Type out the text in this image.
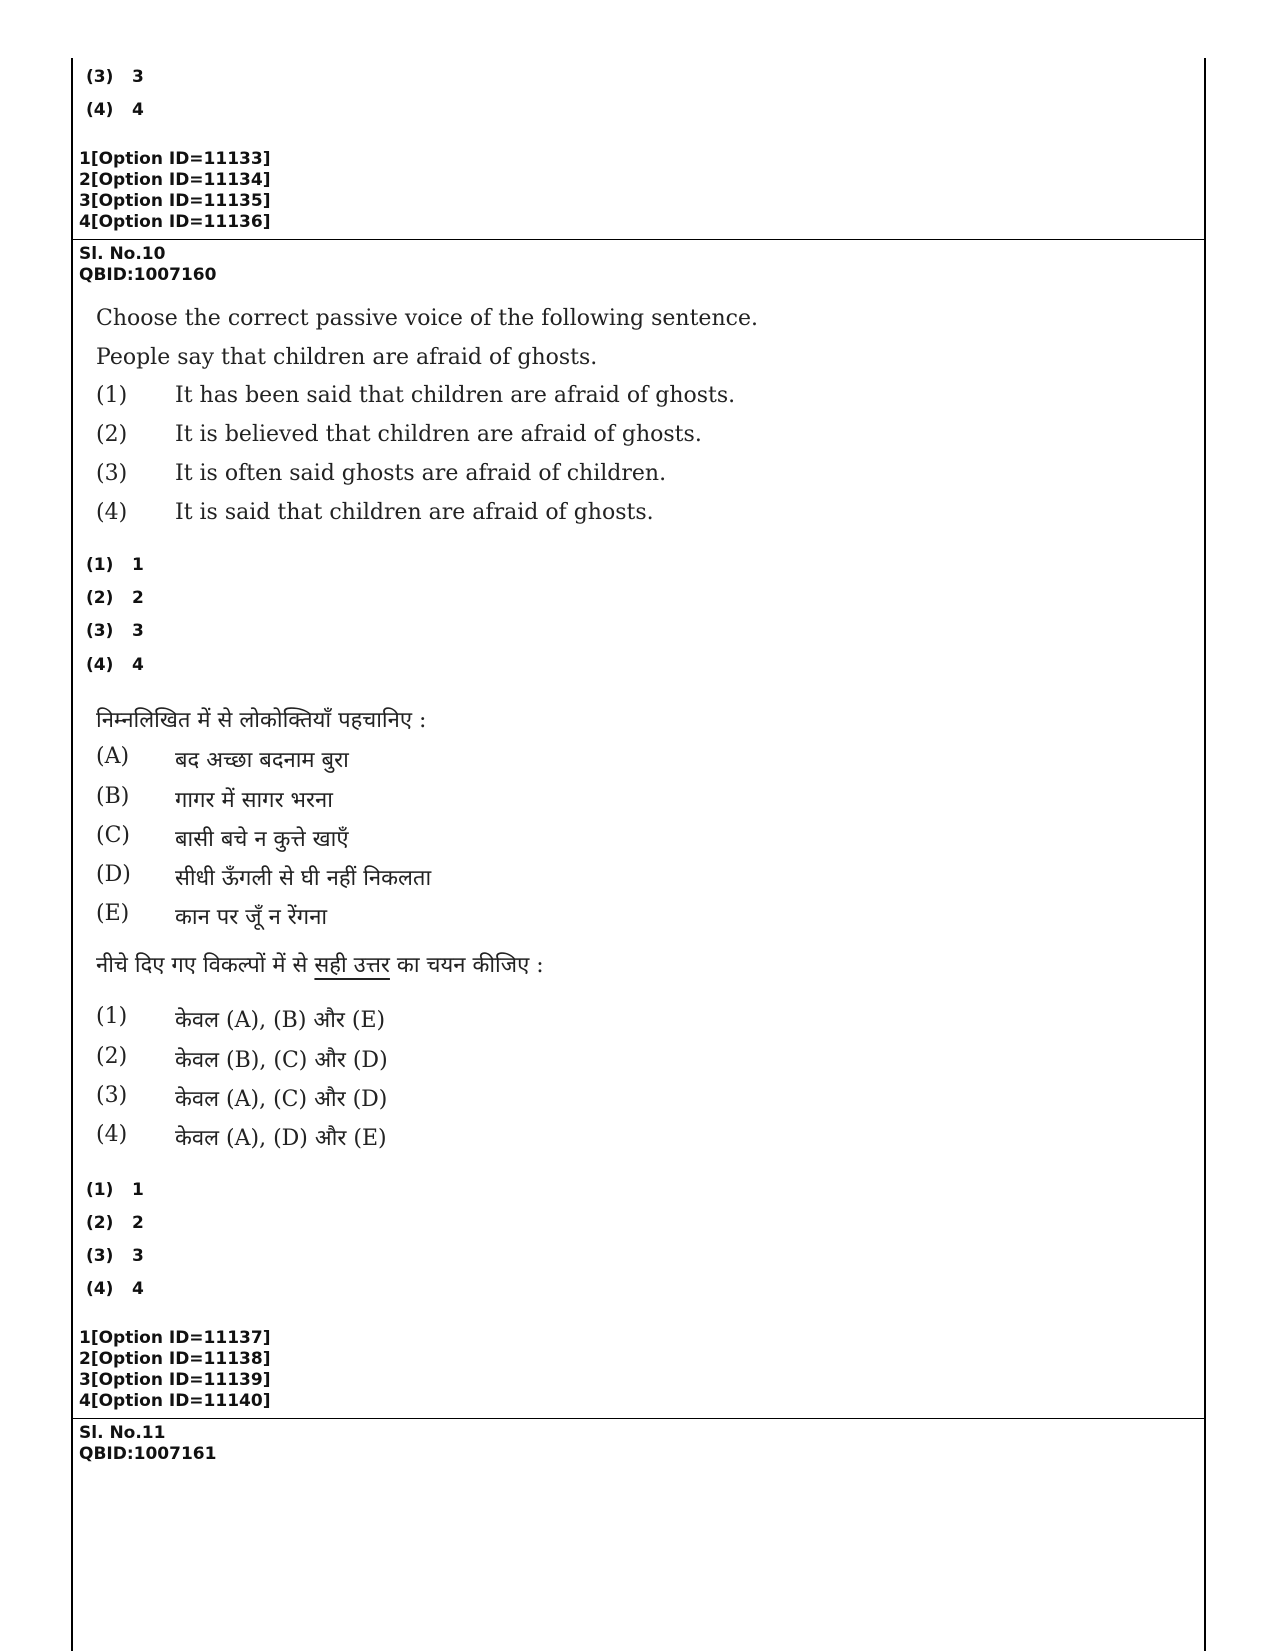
(3) 3
(4) 4
1[Option ID=11133]
2[Option ID=11134]
3[Option ID=11135]
4[Option ID=11136]
Sl. No.10
QBID:1007160
Choose the correct passive voice of the following sentence.
People say that children are afraid of ghosts.
(1) It has been said that children are afraid of ghosts.
(2) It is believed that children are afraid of ghosts.
(3) It is often said ghosts are afraid of children.
(4) It is said that children are afraid of ghosts.
(1) 1
(2) 2
(3) 3
(4) 4
निम्नलिखित में से लोकोक्तियाँ पहचानिए :
(A) बद अच्छा बदनाम बुरा
(B) गागर में सागर भरना
(C) बासी बचे न कुत्ते खाएँ
(D) सीधी ऊँगली से घी नहीं निकलता
(E) कान पर जूँ न रेंगना
नीचे दिए गए विकल्पों में से सही उत्तर का चयन कीजिए :
(1) केवल (A), (B) और (E)
(2) केवल (B), (C) और (D)
(3) केवल (A), (C) और (D)
(4) केवल (A), (D) और (E)
(1) 1
(2) 2
(3) 3
(4) 4
1[Option ID=11137]
2[Option ID=11138]
3[Option ID=11139]
4[Option ID=11140]
Sl. No.11
QBID:1007161
